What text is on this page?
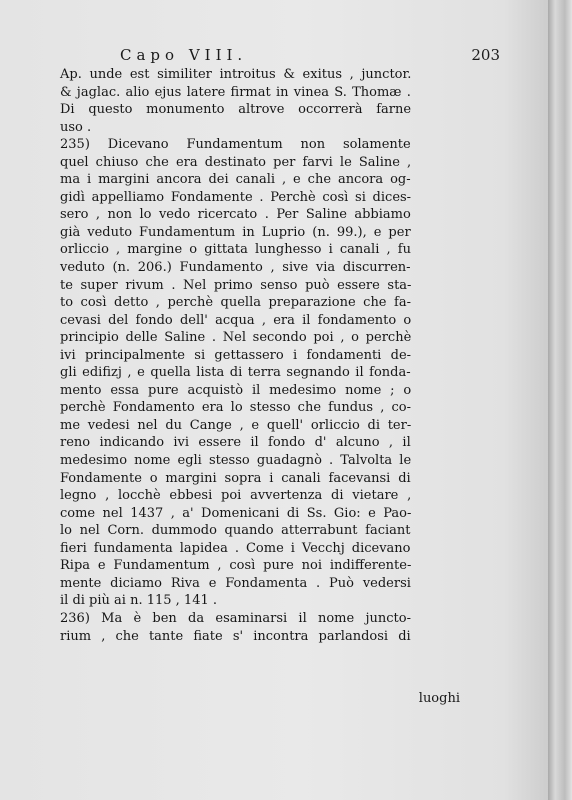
Capo VIII.	203
Ap. unde est similiter introitus & exitus , junctor.
& jaglac. alio ejus latere firmat in vinea S. Thomæ .
Di questo monumento altrove occorrerà farne
uso .
235) Dicevano Fundamentum non solamente
quel chiuso che era destinato per farvi le Saline ,
ma i margini ancora dei canali , e che ancora og-
gidì appelliamo Fondamente . Perchè così si dices-
sero , non lo vedo ricercato . Per Saline abbiamo
già veduto Fundamentum in Luprio (n. 99.), e per
orliccio , margine o gittata lunghesso i canali , fu
veduto (n. 206.) Fundamento , sive via discurren-
te super rivum . Nel primo senso può essere sta-
to così detto , perchè quella preparazione che fa-
cevasi del fondo dell' acqua , era il fondamento o
principio delle Saline . Nel secondo poi , o perchè
ivi principalmente si gettassero i fondamenti de-
gli edifizj , e quella lista di terra segnando il fonda-
mento essa pure acquistò il medesimo nome ; o
perchè Fondamento era lo stesso che fundus , co-
me vedesi nel du Cange , e quell' orliccio di ter-
reno indicando ivi essere il fondo d' alcuno , il
medesimo nome egli stesso guadagnò . Talvolta le
Fondamente o margini sopra i canali facevansi di
legno , locchè ebbesi poi avvertenza di vietare ,
come nel 1437 , a' Domenicani di Ss. Gio: e Pao-
lo nel Corn. dummodo quando atterrabunt faciant
fieri fundamenta lapidea . Come i Vecchj dicevano
Ripa e Fundamentum , così pure noi indifferente-
mente diciamo Riva e Fondamenta . Può vedersi
il di più ai n. 115 , 141 .
236) Ma è ben da esaminarsi il nome juncto-
rium , che tante fiate s' incontra parlandosi di
luoghi
